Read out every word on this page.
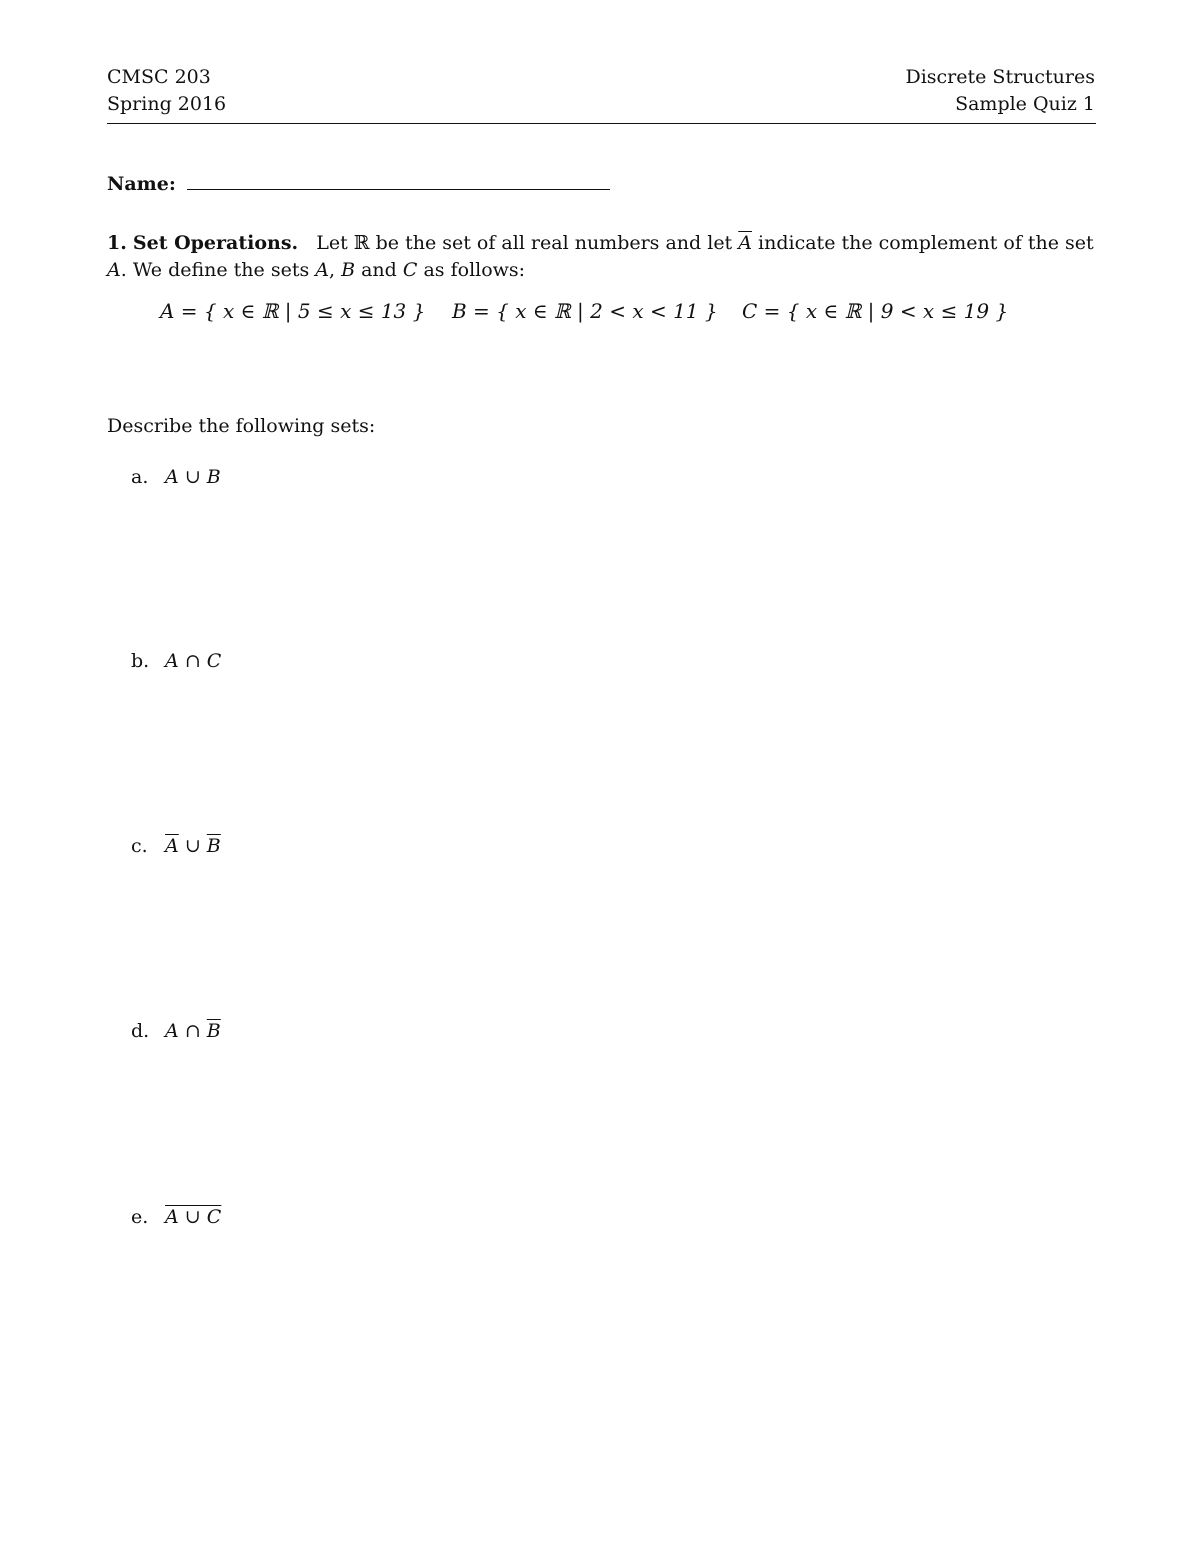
CMSC 203
Spring 2016
Discrete Structures
Sample Quiz 1
Name:
1. Set Operations. Let ℝ be the set of all real numbers and let $\overline{A}$ indicate the complement of the set
A. We define the sets A, B and C as follows:
A = { x ∈ ℝ | 5 ≤ x ≤ 13 } B = { x ∈ ℝ | 2 < x < 11 } C = { x ∈ ℝ | 9 < x ≤ 19 }
Describe the following sets:
a. A ∪ B
b. A ∩ C
c. $\overline{A}$ ∪ $\overline{B}$
d. A ∩ $\overline{B}$
e. A ∪ C
